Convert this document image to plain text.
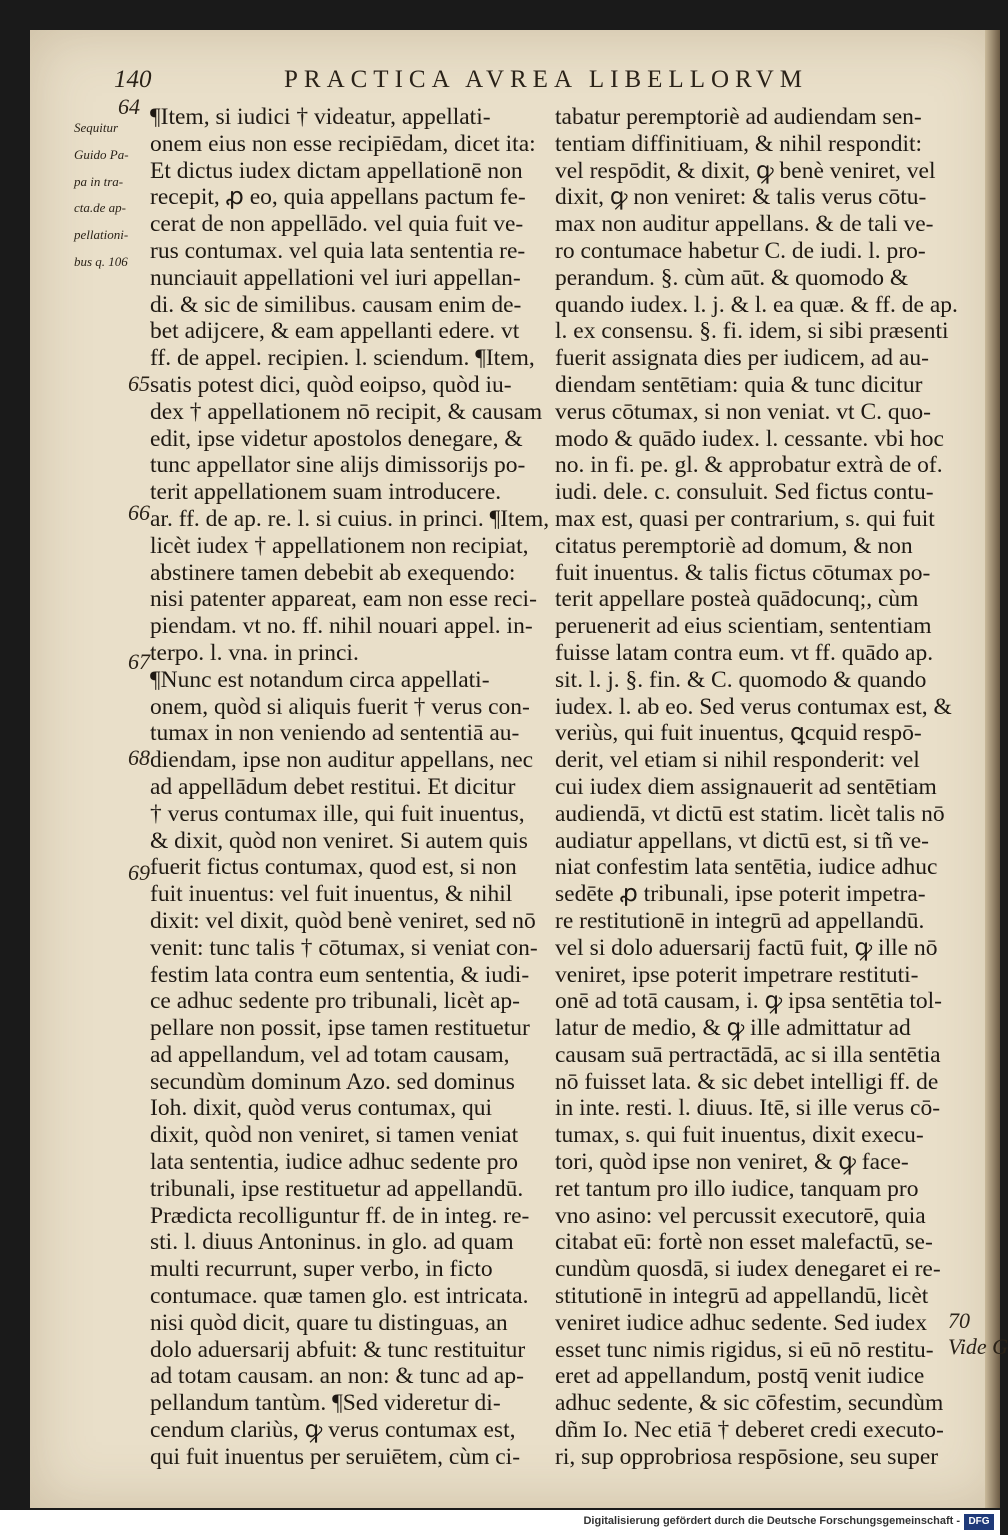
140	PRACTICA AVREA LIBELLORVM
Sequitur
Guido Pa-
pa in tra-
cta.de ap-
pellationi-
bus q. 106
64
65
66
67
68
69
70
Vide G
¶Item, si iudici † videatur, appellati-
onem eius non esse recipiēdam, dicet ita:
Et dictus iudex dictam appellationē non
recepit, ꝓ eo, quia appellans pactum fe-
cerat de non appellādo. vel quia fuit ve-
rus contumax. vel quia lata sententia re-
nunciauit appellationi vel iuri appellan-
di. & sic de similibus. causam enim de-
bet adijcere, & eam appellanti edere. vt
ff. de appel. recipien. l. sciendum. ¶Item,
satis potest dici, quòd eoipso, quòd iu-
dex † appellationem nō recipit, & causam
edit, ipse videtur apostolos denegare, &
tunc appellator sine alijs dimissorijs po-
terit appellationem suam introducere.
ar. ff. de ap. re. l. si cuius. in princi. ¶Item,
licèt iudex † appellationem non recipiat,
abstinere tamen debebit ab exequendo:
nisi patenter appareat, eam non esse reci-
piendam. vt no. ff. nihil nouari appel. in-
terpo. l. vna. in princi.
¶Nunc est notandum circa appellati-
onem, quòd si aliquis fuerit † verus con-
tumax in non veniendo ad sententiā au-
diendam, ipse non auditur appellans, nec
ad appellādum debet restitui. Et dicitur
† verus contumax ille, qui fuit inuentus,
& dixit, quòd non veniret. Si autem quis
fuerit fictus contumax, quod est, si non
fuit inuentus: vel fuit inuentus, & nihil
dixit: vel dixit, quòd benè veniret, sed nō
venit: tunc talis † cōtumax, si veniat con-
festim lata contra eum sententia, & iudi-
ce adhuc sedente pro tribunali, licèt ap-
pellare non possit, ipse tamen restituetur
ad appellandum, vel ad totam causam,
secundùm dominum Azo. sed dominus
Ioh. dixit, quòd verus contumax, qui
dixit, quòd non veniret, si tamen veniat
lata sententia, iudice adhuc sedente pro
tribunali, ipse restituetur ad appellandū.
Prædicta recolliguntur ff. de in integ. re-
sti. l. diuus Antoninus. in glo. ad quam
multi recurrunt, super verbo, in ficto
contumace. quæ tamen glo. est intricata.
nisi quòd dicit, quare tu distinguas, an
dolo aduersarij abfuit: & tunc restituitur
ad totam causam. an non: & tunc ad ap-
pellandum tantùm. ¶Sed videretur di-
cendum clariùs, ꝙ verus contumax est,
qui fuit inuentus per seruiētem, cùm ci-
tabatur peremptoriè ad audiendam sen-
tentiam diffinitiuam, & nihil respondit:
vel respōdit, & dixit, ꝙ benè veniret, vel
dixit, ꝙ non veniret: & talis verus cōtu-
max non auditur appellans. & de tali ve-
ro contumace habetur C. de iudi. l. pro-
perandum. §. cùm aūt. & quomodo &
quando iudex. l. j. & l. ea quæ. & ff. de ap.
l. ex consensu. §. fi. idem, si sibi præsenti
fuerit assignata dies per iudicem, ad au-
diendam sentētiam: quia & tunc dicitur
verus cōtumax, si non veniat. vt C. quo-
modo & quādo iudex. l. cessante. vbi hoc
no. in fi. pe. gl. & approbatur extrà de of.
iudi. dele. c. consuluit. Sed fictus contu-
max est, quasi per contrarium, s. qui fuit
citatus peremptoriè ad domum, & non
fuit inuentus. & talis fictus cōtumax po-
terit appellare posteà quādocunq;, cùm
peruenerit ad eius scientiam, sententiam
fuisse latam contra eum. vt ff. quādo ap.
sit. l. j. §. fin. & C. quomodo & quando
iudex. l. ab eo. Sed verus contumax est, &
veriùs, qui fuit inuentus, ꝗcquid respō-
derit, vel etiam si nihil responderit: vel
cui iudex diem assignauerit ad sentētiam
audiendā, vt dictū est statim. licèt talis nō
audiatur appellans, vt dictū est, si tñ ve-
niat confestim lata sentētia, iudice adhuc
sedēte ꝓ tribunali, ipse poterit impetra-
re restitutionē in integrū ad appellandū.
vel si dolo aduersarij factū fuit, ꝙ ille nō
veniret, ipse poterit impetrare restituti-
onē ad totā causam, i. ꝙ ipsa sentētia tol-
latur de medio, & ꝙ ille admittatur ad
causam suā pertractādā, ac si illa sentētia
nō fuisset lata. & sic debet intelligi ff. de
in inte. resti. l. diuus. Itē, si ille verus cō-
tumax, s. qui fuit inuentus, dixit execu-
tori, quòd ipse non veniret, & ꝙ face-
ret tantum pro illo iudice, tanquam pro
vno asino: vel percussit executorē, quia
citabat eū: fortè non esset malefactū, se-
cundùm quosdā, si iudex denegaret ei re-
stitutionē in integrū ad appellandū, licèt
veniret iudice adhuc sedente. Sed iudex
esset tunc nimis rigidus, si eū nō restitu-
eret ad appellandum, postq̄ venit iudice
adhuc sedente, & sic cōfestim, secundùm
dñm Io. Nec etiā † deberet credi executo-
ri, sup opprobriosa respōsione, seu super
Digitalisierung gefördert durch die Deutsche Forschungsgemeinschaft - DFG
